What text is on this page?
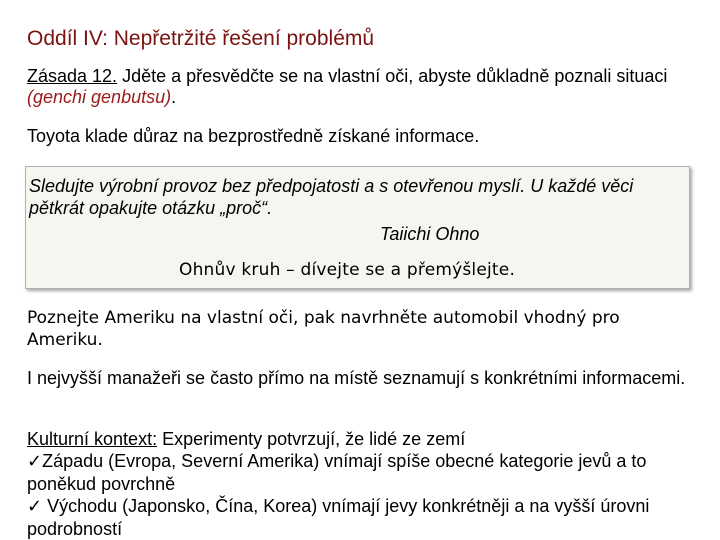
Oddíl IV: Nepřetržité řešení problémů

Zásada 12. Jděte a přesvědčte se na vlastní oči, abyste důkladně poznali situaci (genchi genbutsu).

Toyota klade důraz na bezprostředně získané informace.

Sledujte výrobní provoz bez předpojatosti a s otevřenou myslí. U každé věci pětkrát opakujte otázku „proč“.
Taiichi Ohno
Ohnův kruh – dívejte se a přemýšlejte.

Poznejte Ameriku na vlastní oči, pak navrhněte automobil vhodný pro Ameriku.

I nejvyšší manažeři se často přímo na místě seznamují s konkrétními informacemi.

Kulturní kontext: Experimenty potvrzují, že lidé ze zemí
✓Západu (Evropa, Severní Amerika) vnímají spíše obecné kategorie jevů a to poněkud povrchně
✓ Východu (Japonsko, Čína, Korea) vnímají jevy konkrétněji a na vyšší úrovni podrobností
